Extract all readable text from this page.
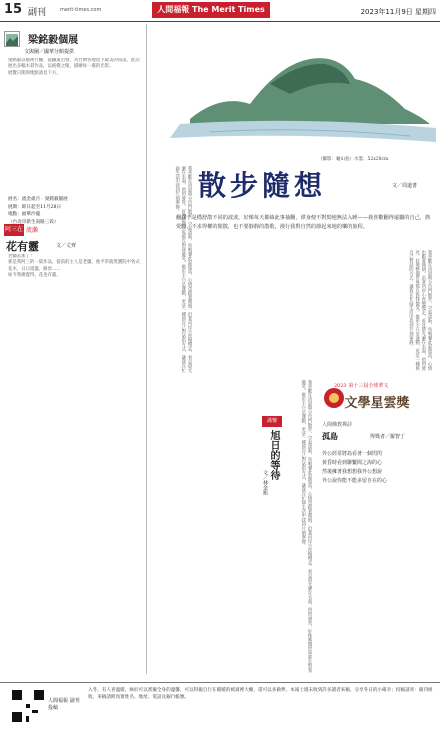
15 副刊	merit-times.com	人間福報 The Merit Times	2023年11月9日 星期四
梁銘毅個展
文與圖／國華分館提供
梁銘毅以藝術行腳，從鐵道出發，為台灣各地留下最美的角落，此次展出多幅水彩作品，以純樸之眼，描繪每一處的光影。
展覽日期與地點請見下方。
展名：流金歲月‧梁銘毅個展
展期：即日起至11月28日
地點：福華沙龍
（台北市新生南路三段）
阿三在 流瀨
花有靈	文／丈齊
老疆去加了！
那是我阿三的一篇作品，從前的主人是老疆，他平常就愛護院中各式花木，日日澆灌、修剪……
如今我總覺得，花也有靈。
（攝影：龜山島）水墨．52x28cm
散步隨想	文／周道書
翻譯于是穩舒散不同的波波，好像每天都絡此事抽翻，潭身便不對勁地無法入睡——我喜歡翻得還屬的自己，熱愛時，不求得權的閒散，也不要靜靜的散歌，漫行我對自然的節起來地的樂的旅程。
我喜歡在清晨時分出門散步，空氣清新，鳥鳴聲此起彼落，心情也跟著開朗。沿著河岸小徑慢慢走，看見晨光灑在水面，閃閃發亮，好像整個世界都在對我微笑。散步不只是運動，更是一種與自己對話的方式，讓我在忙碌生活中找到片刻寧靜。
我喜歡在清晨時分出門散步，空氣清新，鳥鳴聲此起彼落，心情也跟著開朗。沿著河岸小徑慢慢走，看見晨光灑在水面，閃閃發亮，好像整個世界都在對我微笑。散步不只是運動，更是一種與自己對話的方式，讓我在忙碌生活中找到片刻寧靜。
我喜歡在清晨時分出門散步，空氣清新，鳥鳴聲此起彼落，心情也跟著開朗。沿著河岸小徑慢慢走，看見晨光灑在水面，閃閃發亮，好像整個世界都在對我微笑。散步不只是運動，更是一種與自己對話的方式，讓我在忙碌生活中找到片刻寧靜。
滿懷
旭日的等待
文／林金瓶
2023 第十三屆全球華文
文學星雲獎
人間佛教禪詩
孤島	得獎者／羅智丁
外公經常將島看著一個閃閃
黃昏時看到聯繫間之海的心
然後擁著我想想我外公想說
外公說你能不能多留自在的心
人間福報 副刊投稿
入冬，有人喜溫暖，絲於可以嘗擬全身的溫馨，可以得親自行在暖暖的被窩裡大睡，還可以多做夢。本報上週末收到許多讀者來稿，分享冬日的小確幸；投稿請寄：副刊組收，來稿請附真實姓名、地址、電話及銀行帳號。
